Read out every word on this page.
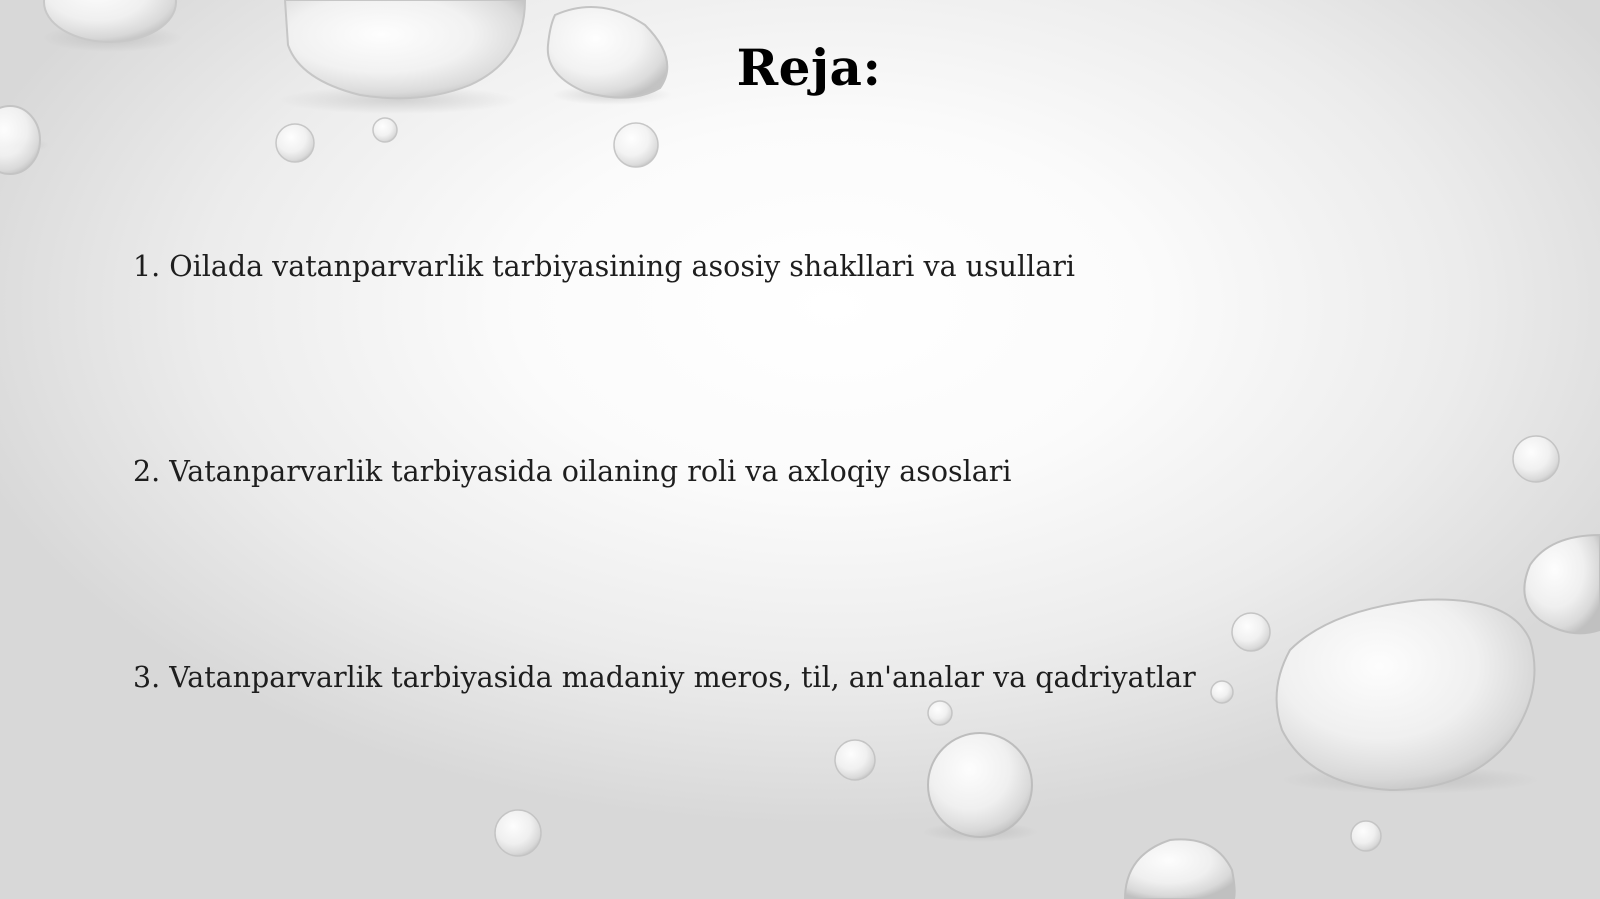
Reja:
1. Oilada vatanparvarlik tarbiyasining asosiy shakllari va usullari
2. Vatanparvarlik tarbiyasida oilaning roli va axloqiy asoslari
3. Vatanparvarlik tarbiyasida madaniy meros, til, an'analar va qadriyatlar
